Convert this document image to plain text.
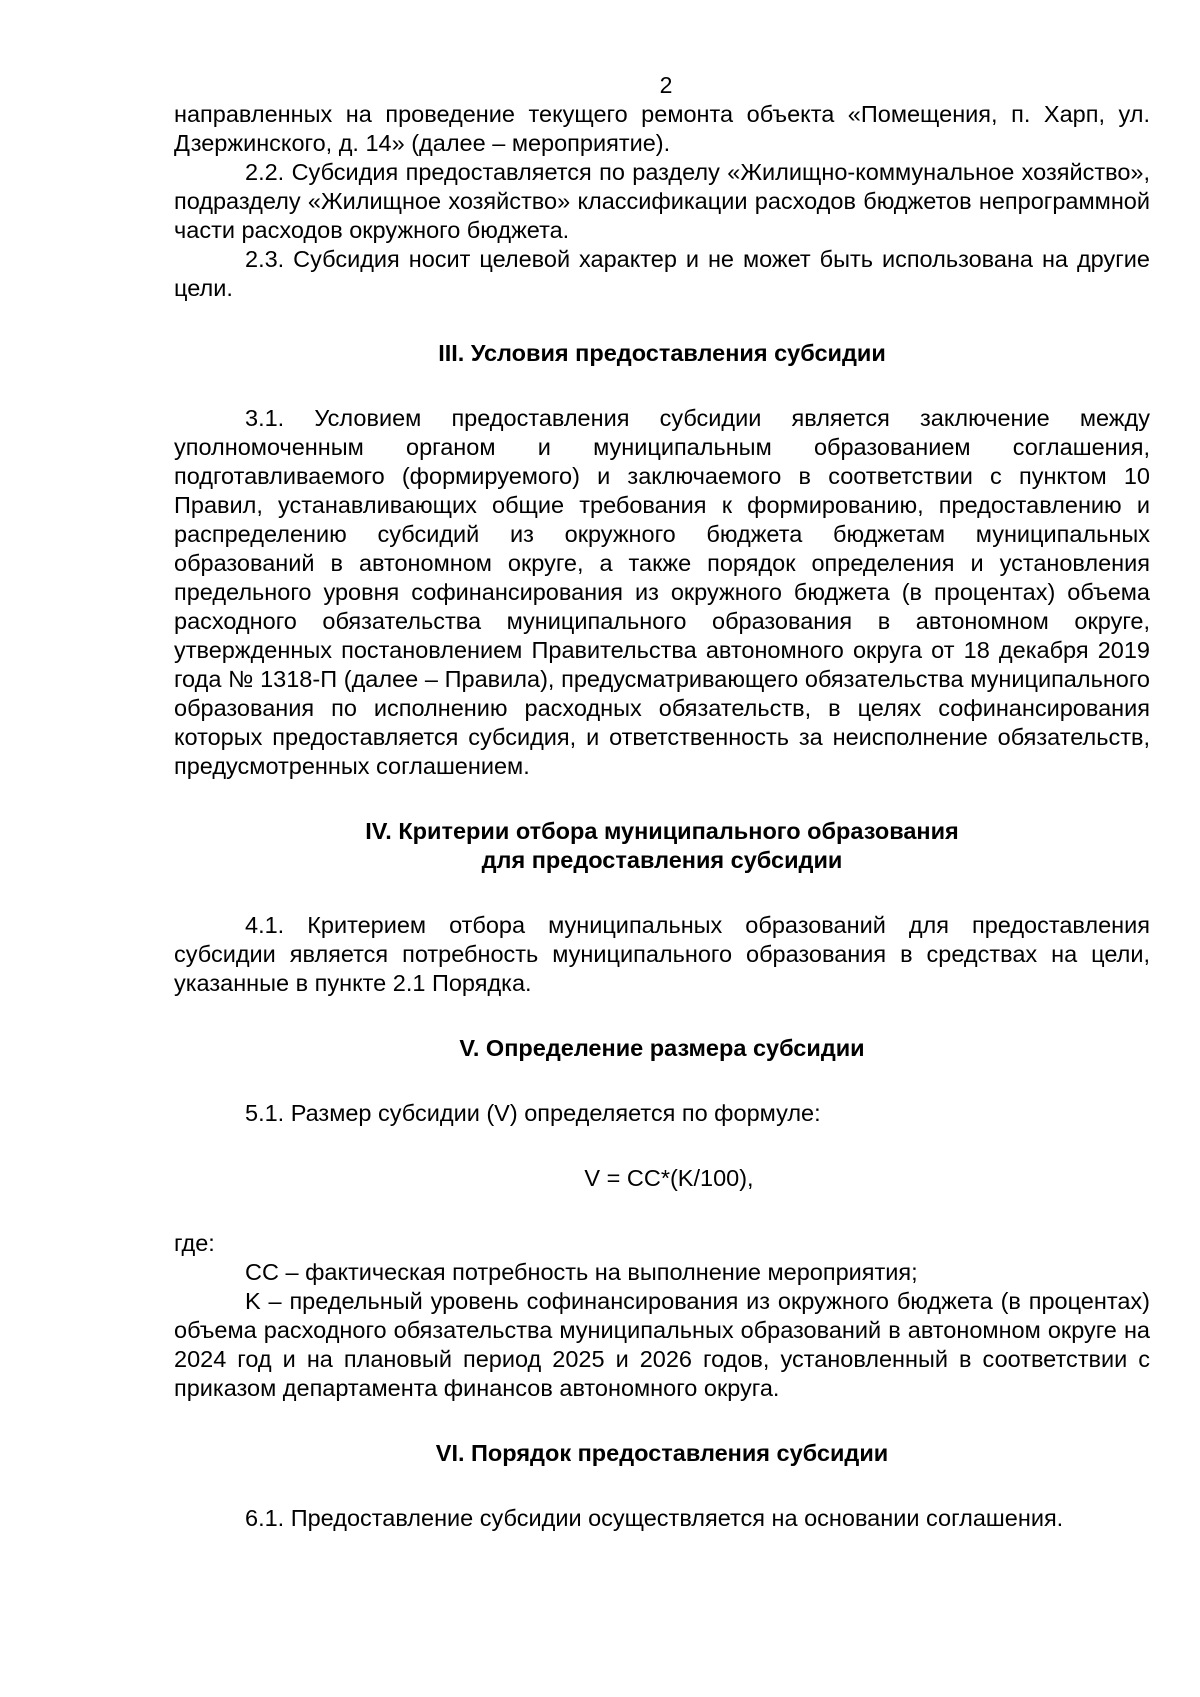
2

направленных на проведение текущего ремонта объекта «Помещения, п. Харп, ул. Дзержинского, д. 14» (далее – мероприятие).

2.2. Субсидия предоставляется по разделу «Жилищно-коммунальное хозяйство», подразделу «Жилищное хозяйство» классификации расходов бюджетов непрограммной части расходов окружного бюджета.

2.3. Субсидия носит целевой характер и не может быть использована на другие цели.

III. Условия предоставления субсидии

3.1. Условием предоставления субсидии является заключение между уполномоченным органом и муниципальным образованием соглашения, подготавливаемого (формируемого) и заключаемого в соответствии с пунктом 10 Правил, устанавливающих общие требования к формированию, предоставлению и распределению субсидий из окружного бюджета бюджетам муниципальных образований в автономном округе, а также порядок определения и установления предельного уровня софинансирования из окружного бюджета (в процентах) объема расходного обязательства муниципального образования в автономном округе, утвержденных постановлением Правительства автономного округа от 18 декабря 2019 года № 1318-П (далее – Правила), предусматривающего обязательства муниципального образования по исполнению расходных обязательств, в целях софинансирования которых предоставляется субсидия, и ответственность за неисполнение обязательств, предусмотренных соглашением.

IV. Критерии отбора муниципального образования
для предоставления субсидии

4.1. Критерием отбора муниципальных образований для предоставления субсидии является потребность муниципального образования в средствах на цели, указанные в пункте 2.1 Порядка.

V. Определение размера субсидии

5.1. Размер субсидии (V) определяется по формуле:

V = CC*(K/100),

где:

CC – фактическая потребность на выполнение мероприятия;

K – предельный уровень софинансирования из окружного бюджета (в процентах) объема расходного обязательства муниципальных образований в автономном округе на 2024 год и на плановый период 2025 и 2026 годов, установленный в соответствии с приказом департамента финансов автономного округа.

VI. Порядок предоставления субсидии

6.1. Предоставление субсидии осуществляется на основании соглашения.
